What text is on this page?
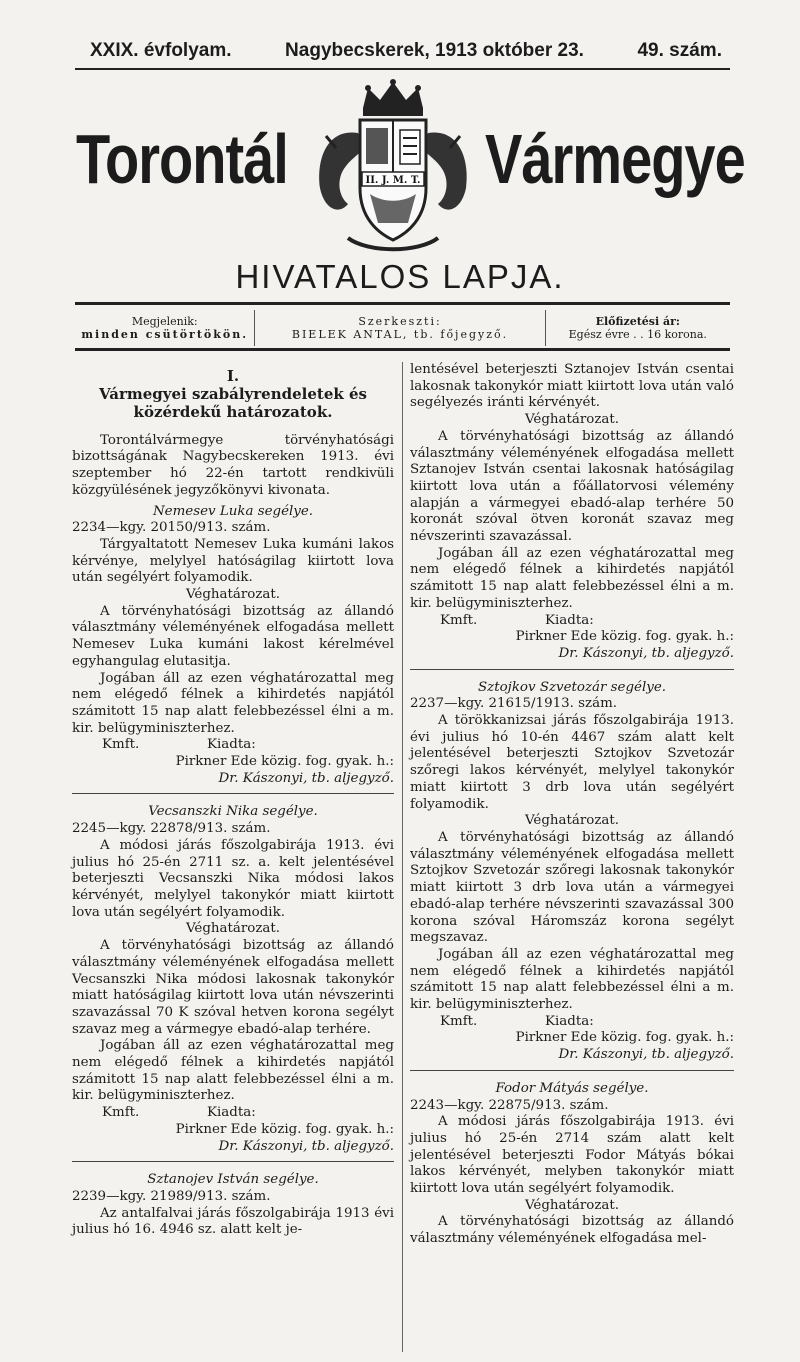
XXIX. évfolyam.	Nagybecskerek, 1913 október 23.	49. szám.
Torontál	Vármegye
II. J. M. T.
HIVATALOS LAPJA.
Megjelenik:
minden csütörtökön.
Szerkeszti:
BIELEK ANTAL, tb. főjegyző.
Előfizetési ár:
Egész évre . . 16 korona.

I.

Vármegyei szabályrendeletek és közérdekű határozatok.

Torontálvármegye törvényhatósági bizottságának Nagybecskereken 1913. évi szeptember hó 22-én tartott rendkivüli közgyülésének jegyzőkönyvi kivonata.

Nemesev Luka segélye.

2234—kgy. 20150/913. szám.

Tárgyaltatott Nemesev Luka kumáni lakos kérvénye, melylyel hatóságilag kiirtott lova után segélyért folyamodik.

Véghatározat.

A törvényhatósági bizottság az állandó választmány véleményének elfogadása mellett Nemesev Luka kumáni lakost kérelmével egyhangulag elutasitja.

Jogában áll az ezen véghatározattal meg nem elégedő félnek a kihirdetés napjától számitott 15 nap alatt felebbezéssel élni a m. kir. belügyminiszterhez.

Kmft.	Kiadta:

Pirkner Ede közig. fog. gyak. h.:

Dr. Kászonyi, tb. aljegyző.

Vecsanszki Nika segélye.

2245—kgy. 22878/913. szám.

A módosi járás főszolgabirája 1913. évi julius hó 25-én 2711 sz. a. kelt jelentésével beterjeszti Vecsanszki Nika módosi lakos kérvényét, melylyel takonykór miatt kiirtott lova után segélyért folyamodik.

Véghatározat.

A törvényhatósági bizottság az állandó választmány véleményének elfogadása mellett Vecsanszki Nika módosi lakosnak takonykór miatt hatóságilag kiirtott lova után névszerinti szavazással 70 K szóval hetven korona segélyt szavaz meg a vármegye ebadó-alap terhére.

Jogában áll az ezen véghatározattal meg nem elégedő félnek a kihirdetés napjától számitott 15 nap alatt felebbezéssel élni a m. kir. belügyminiszterhez.

Kmft.	Kiadta:

Pirkner Ede közig. fog. gyak. h.:

Dr. Kászonyi, tb. aljegyző.

Sztanojev István segélye.

2239—kgy. 21989/913. szám.

Az antalfalvai járás főszolgabirája 1913 évi julius hó 16. 4946 sz. alatt kelt je-

lentésével beterjeszti Sztanojev István csentai lakosnak takonykór miatt kiirtott lova után való segélyezés iránti kérvényét.

Véghatározat.

A törvényhatósági bizottság az állandó választmány véleményének elfogadása mellett Sztanojev István csentai lakosnak hatóságilag kiirtott lova után a főállatorvosi vélemény alapján a vármegyei ebadó-alap terhére 50 koronát szóval ötven koronát szavaz meg névszerinti szavazással.

Jogában áll az ezen véghatározattal meg nem elégedő félnek a kihirdetés napjától számitott 15 nap alatt felebbezéssel élni a m. kir. belügyminiszterhez.

Kmft.	Kiadta:

Pirkner Ede közig. fog. gyak. h.:

Dr. Kászonyi, tb. aljegyző.

Sztojkov Szvetozár segélye.

2237—kgy. 21615/1913. szám.

A törökkanizsai járás főszolgabirája 1913. évi julius hó 10-én 4467 szám alatt kelt jelentésével beterjeszti Sztojkov Szvetozár szőregi lakos kérvényét, melylyel takonykór miatt kiirtott 3 drb lova után segélyért folyamodik.

Véghatározat.

A törvényhatósági bizottság az állandó választmány véleményének elfogadása mellett Sztojkov Szvetozár szőregi lakosnak takonykór miatt kiirtott 3 drb lova után a vármegyei ebadó-alap terhére névszerinti szavazással 300 korona szóval Háromszáz korona segélyt megszavaz.

Jogában áll az ezen véghatározattal meg nem elégedő félnek a kihirdetés napjától számitott 15 nap alatt felebbezéssel élni a m. kir. belügyminiszterhez.

Kmft.	Kiadta:

Pirkner Ede közig. fog. gyak. h.:

Dr. Kászonyi, tb. aljegyző.

Fodor Mátyás segélye.

2243—kgy. 22875/913. szám.

A módosi járás főszolgabirája 1913. évi julius hó 25-én 2714 szám alatt kelt jelentésével beterjeszti Fodor Mátyás bókai lakos kérvényét, melyben takonykór miatt kiirtott lova után segélyért folyamodik.

Véghatározat.

A törvényhatósági bizottság az állandó választmány véleményének elfogadása mel-
